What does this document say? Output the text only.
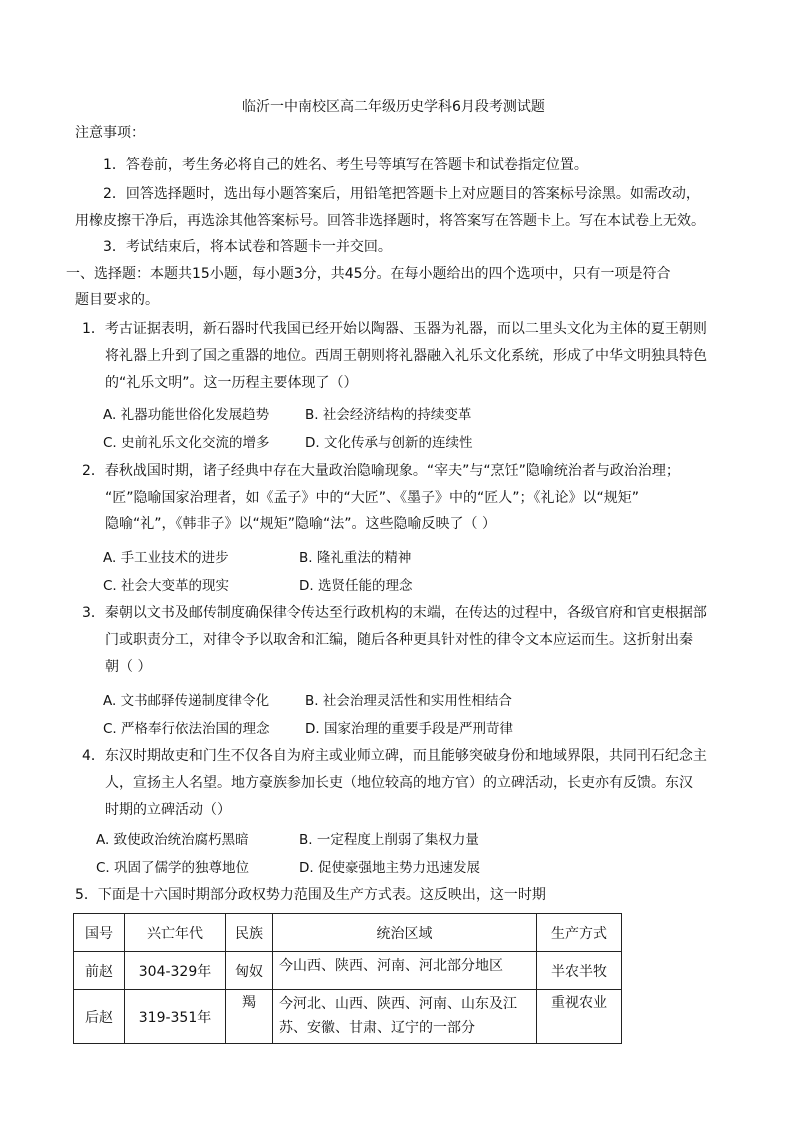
临沂一中南校区高二年级历史学科6月段考测试题
注意事项：
1．答卷前，考生务必将自己的姓名、考生号等填写在答题卡和试卷指定位置。
2．回答选择题时，选出每小题答案后，用铅笔把答题卡上对应题目的答案标号涂黑。如需改动，
用橡皮擦干净后，再选涂其他答案标号。回答非选择题时，将答案写在答题卡上。写在本试卷上无效。
3．考试结束后，将本试卷和答题卡一并交回。
一、选择题：本题共15小题，每小题3分，共45分。在每小题给出的四个选项中，只有一项是符合
题目要求的。
1．考古证据表明，新石器时代我国已经开始以陶器、玉器为礼器，而以二里头文化为主体的夏王朝则
将礼器上升到了国之重器的地位。西周王朝则将礼器融入礼乐文化系统，形成了中华文明独具特色
的“礼乐文明”。这一历程主要体现了（）
A. 礼器功能世俗化发展趋势	B. 社会经济结构的持续变革
C. 史前礼乐文化交流的增多	D. 文化传承与创新的连续性
2．春秋战国时期，诸子经典中存在大量政治隐喻现象。“宰夫”与“烹饪”隐喻统治者与政治治理；
“匠”隐喻国家治理者，如《孟子》中的“大匠”、《墨子》中的“匠人”；《礼论》以“规矩”
隐喻“礼”，《韩非子》以“规矩”隐喻“法”。这些隐喻反映了（ ）
A. 手工业技术的进步	B. 隆礼重法的精神
C. 社会大变革的现实	D. 选贤任能的理念
3．秦朝以文书及邮传制度确保律令传达至行政机构的末端，在传达的过程中，各级官府和官吏根据部
门或职责分工，对律令予以取舍和汇编，随后各种更具针对性的律令文本应运而生。这折射出秦
朝（ ）
A. 文书邮驿传递制度律令化	B. 社会治理灵活性和实用性相结合
C. 严格奉行依法治国的理念	D. 国家治理的重要手段是严刑苛律
4．东汉时期故吏和门生不仅各自为府主或业师立碑，而且能够突破身份和地域界限，共同刊石纪念主
人，宣扬主人名望。地方豪族参加长吏（地位较高的地方官）的立碑活动，长吏亦有反馈。东汉
时期的立碑活动（）
A. 致使政治统治腐朽黑暗	B. 一定程度上削弱了集权力量
C. 巩固了儒学的独尊地位	D. 促使豪强地主势力迅速发展
5．下面是十六国时期部分政权势力范围及生产方式表。这反映出，这一时期
国号	兴亡年代	民族	统治区域	生产方式
前赵	304-329年	匈奴	今山西、陕西、河南、河北部分地区	半农半牧
后赵	319-351年	羯	今河北、山西、陕西、河南、山东及江苏、安徽、甘肃、辽宁的一部分	重视农业
